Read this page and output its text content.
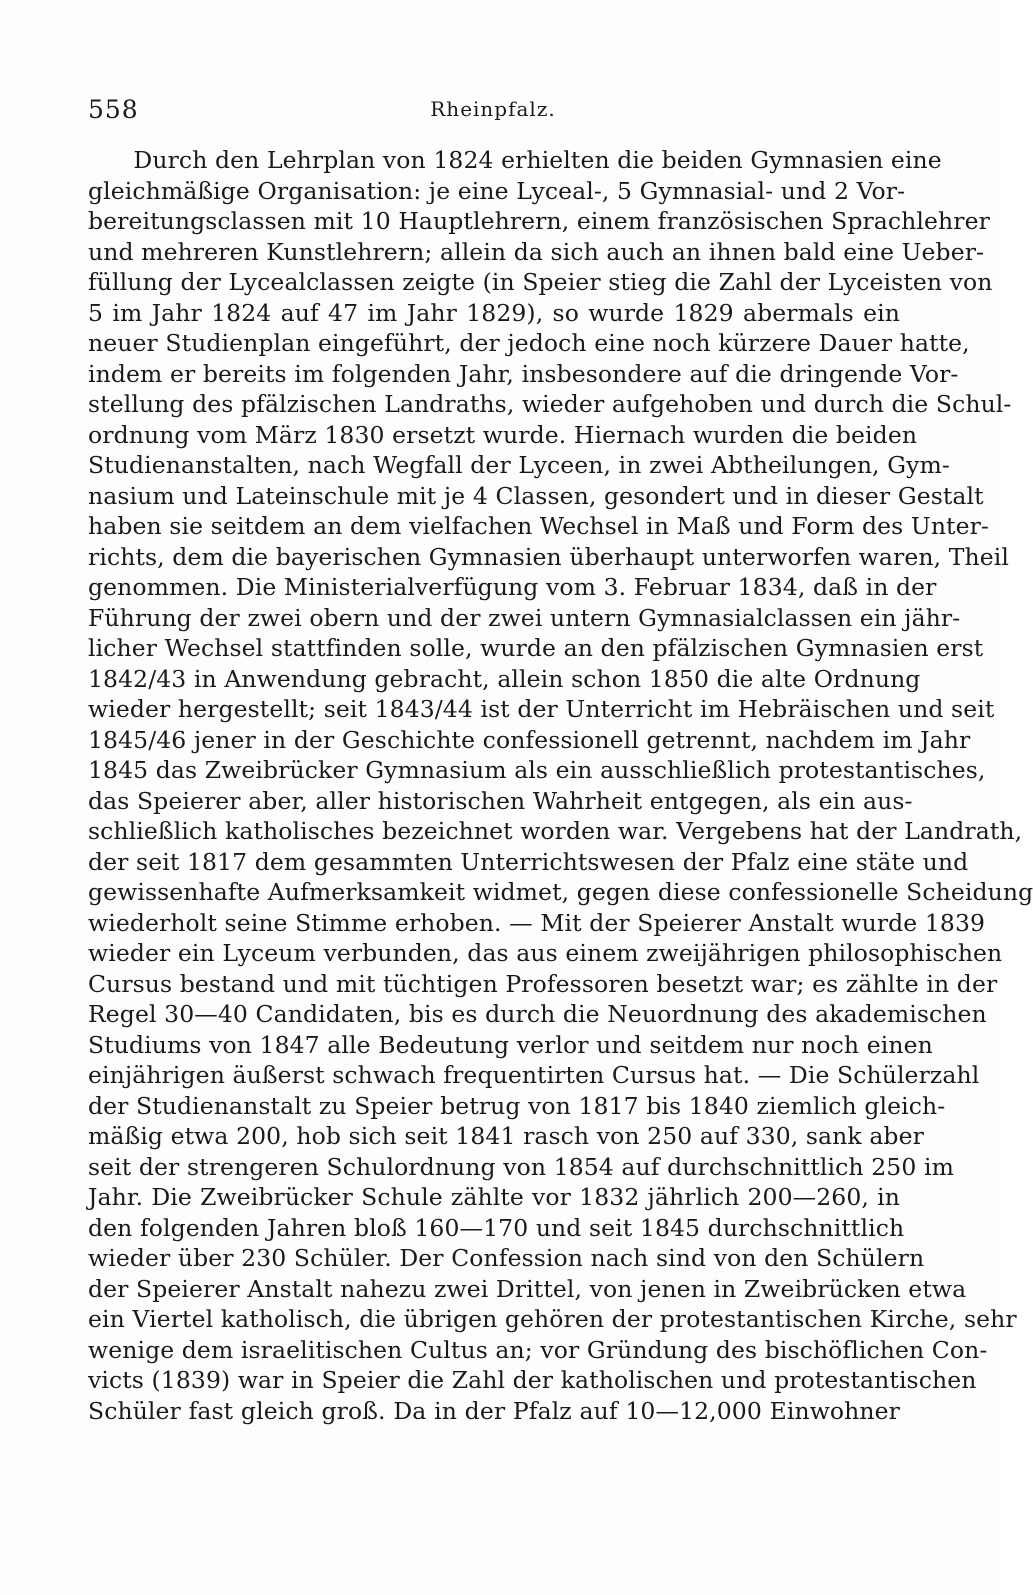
558	Rheinpfalz.
Durch den Lehrplan von 1824 erhielten die beiden Gymnasien eine
gleichmäßige Organisation: je eine Lyceal-, 5 Gymnasial- und 2 Vor-
bereitungsclassen mit 10 Hauptlehrern, einem französischen Sprachlehrer
und mehreren Kunstlehrern; allein da sich auch an ihnen bald eine Ueber-
füllung der Lycealclassen zeigte (in Speier stieg die Zahl der Lyceisten von
5 im Jahr 1824 auf 47 im Jahr 1829), so wurde 1829 abermals ein
neuer Studienplan eingeführt, der jedoch eine noch kürzere Dauer hatte,
indem er bereits im folgenden Jahr, insbesondere auf die dringende Vor-
stellung des pfälzischen Landraths, wieder aufgehoben und durch die Schul-
ordnung vom März 1830 ersetzt wurde. Hiernach wurden die beiden
Studienanstalten, nach Wegfall der Lyceen, in zwei Abtheilungen, Gym-
nasium und Lateinschule mit je 4 Classen, gesondert und in dieser Gestalt
haben sie seitdem an dem vielfachen Wechsel in Maß und Form des Unter-
richts, dem die bayerischen Gymnasien überhaupt unterworfen waren, Theil
genommen. Die Ministerialverfügung vom 3. Februar 1834, daß in der
Führung der zwei obern und der zwei untern Gymnasialclassen ein jähr-
licher Wechsel stattfinden solle, wurde an den pfälzischen Gymnasien erst
1842/43 in Anwendung gebracht, allein schon 1850 die alte Ordnung
wieder hergestellt; seit 1843/44 ist der Unterricht im Hebräischen und seit
1845/46 jener in der Geschichte confessionell getrennt, nachdem im Jahr
1845 das Zweibrücker Gymnasium als ein ausschließlich protestantisches,
das Speierer aber, aller historischen Wahrheit entgegen, als ein aus-
schließlich katholisches bezeichnet worden war. Vergebens hat der Landrath,
der seit 1817 dem gesammten Unterrichtswesen der Pfalz eine stäte und
gewissenhafte Aufmerksamkeit widmet, gegen diese confessionelle Scheidung
wiederholt seine Stimme erhoben. — Mit der Speierer Anstalt wurde 1839
wieder ein Lyceum verbunden, das aus einem zweijährigen philosophischen
Cursus bestand und mit tüchtigen Professoren besetzt war; es zählte in der
Regel 30—40 Candidaten, bis es durch die Neuordnung des akademischen
Studiums von 1847 alle Bedeutung verlor und seitdem nur noch einen
einjährigen äußerst schwach frequentirten Cursus hat. — Die Schülerzahl
der Studienanstalt zu Speier betrug von 1817 bis 1840 ziemlich gleich-
mäßig etwa 200, hob sich seit 1841 rasch von 250 auf 330, sank aber
seit der strengeren Schulordnung von 1854 auf durchschnittlich 250 im
Jahr. Die Zweibrücker Schule zählte vor 1832 jährlich 200—260, in
den folgenden Jahren bloß 160—170 und seit 1845 durchschnittlich
wieder über 230 Schüler. Der Confession nach sind von den Schülern
der Speierer Anstalt nahezu zwei Drittel, von jenen in Zweibrücken etwa
ein Viertel katholisch, die übrigen gehören der protestantischen Kirche, sehr
wenige dem israelitischen Cultus an; vor Gründung des bischöflichen Con-
victs (1839) war in Speier die Zahl der katholischen und protestantischen
Schüler fast gleich groß. Da in der Pfalz auf 10—12,000 Einwohner
